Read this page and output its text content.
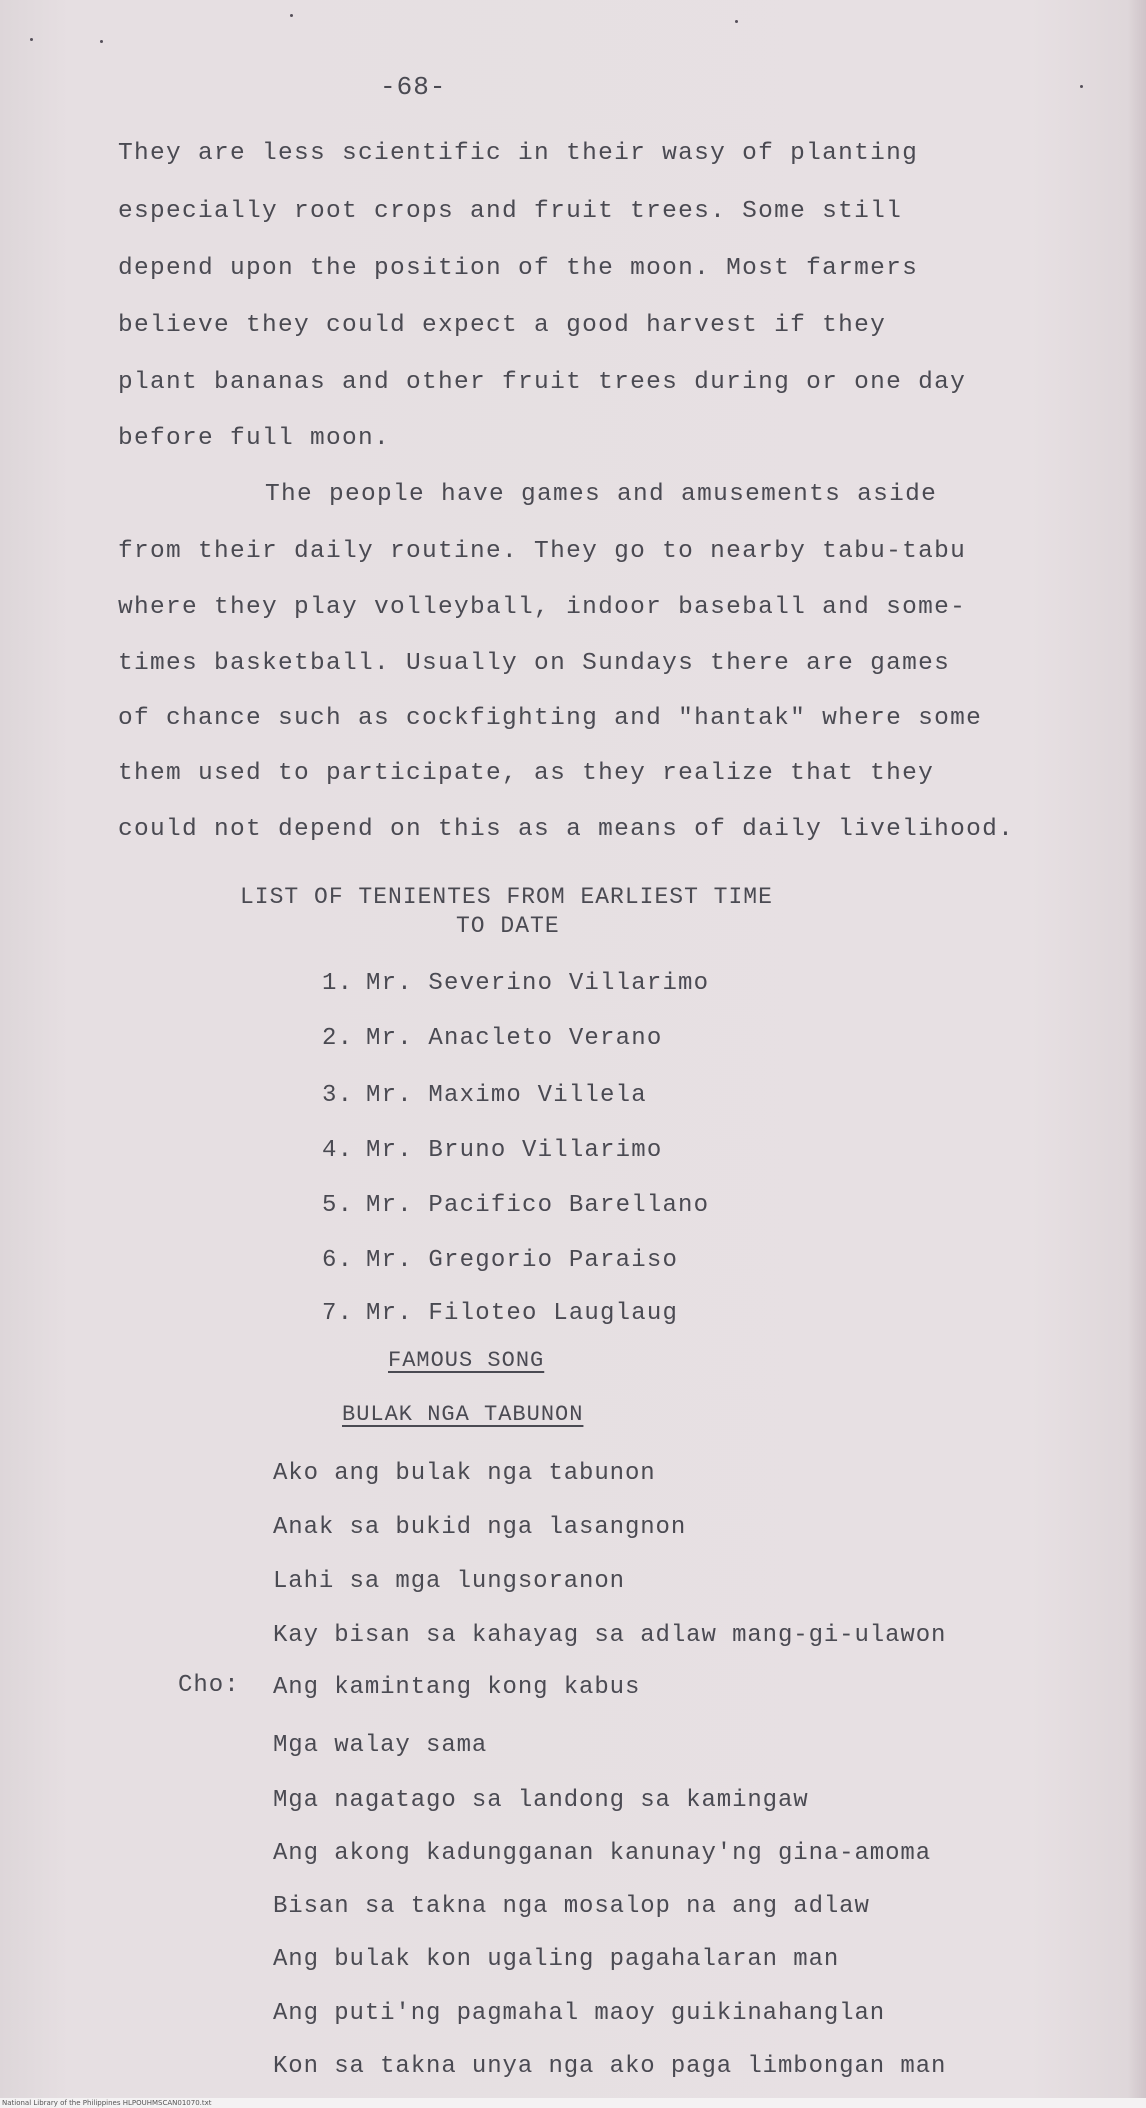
-68-
They are less scientific in their wasy of planting
especially root crops and fruit trees. Some still
depend upon the position of the moon. Most farmers
believe they could expect a good harvest if they
plant bananas and other fruit trees during or one day
before full moon.
The people have games and amusements aside
from their daily routine. They go to nearby tabu-tabu
where they play volleyball, indoor baseball and some-
times basketball. Usually on Sundays there are games
of chance such as cockfighting and "hantak" where some
them used to participate, as they realize that they
could not depend on this as a means of daily livelihood.
LIST OF TENIENTES FROM EARLIEST TIME
TO DATE
1. Mr. Severino Villarimo
2. Mr. Anacleto Verano
3. Mr. Maximo Villela
4. Mr. Bruno Villarimo
5. Mr. Pacifico Barellano
6. Mr. Gregorio Paraiso
7. Mr. Filoteo Lauglaug
FAMOUS SONG
BULAK NGA TABUNON
Ako ang bulak nga tabunon
Anak sa bukid nga lasangnon
Lahi sa mga lungsoranon
Kay bisan sa kahayag sa adlaw mang-gi-ulawon
Cho: Ang kamintang kong kabus
Mga walay sama
Mga nagatago sa landong sa kamingaw
Ang akong kadungganan kanunay'ng gina-amoma
Bisan sa takna nga mosalop na ang adlaw
Ang bulak kon ugaling pagahalaran man
Ang puti'ng pagmahal maoy guikinahanglan
Kon sa takna unya nga ako paga limbongan man
National Library of the Philippines HLPOUHMSCAN01070.txt
